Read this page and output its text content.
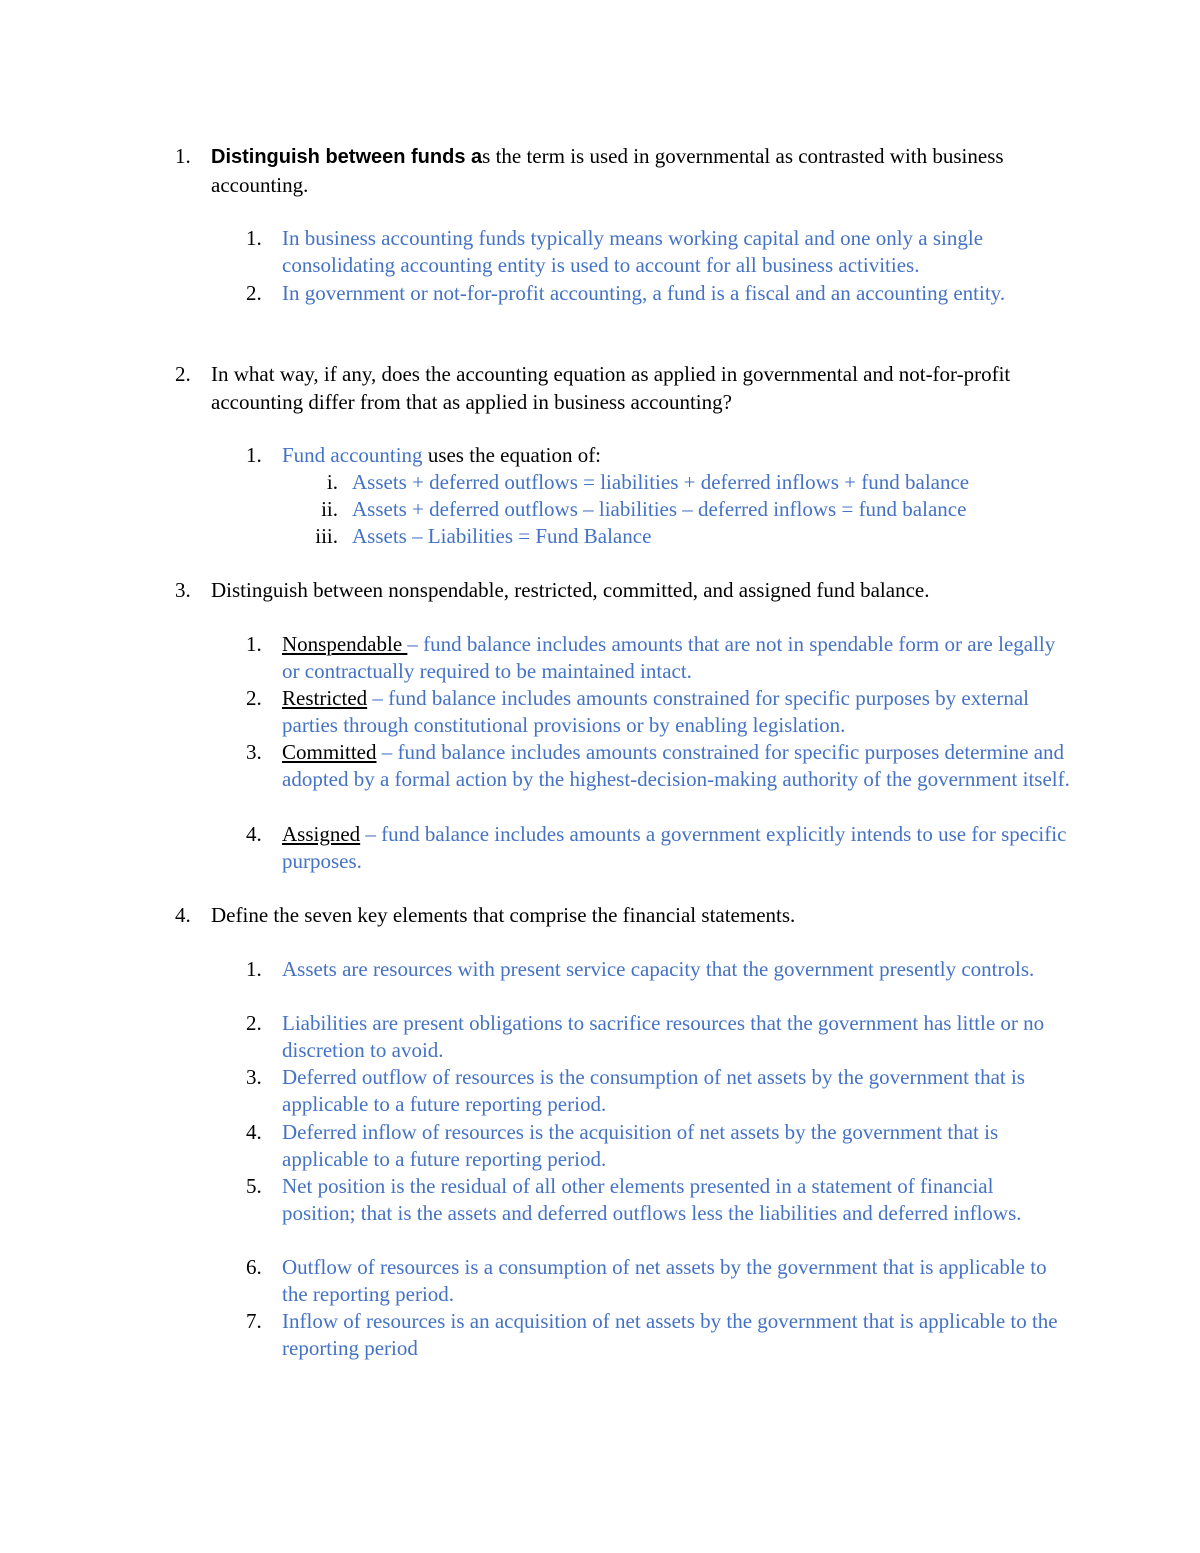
1. Distinguish between funds as the term is used in governmental as contrasted with business accounting.
1. In business accounting funds typically means working capital and one only a single consolidating accounting entity is used to account for all business activities.
2. In government or not-for-profit accounting, a fund is a fiscal and an accounting entity.
2. In what way, if any, does the accounting equation as applied in governmental and not-for-profit accounting differ from that as applied in business accounting?
1. Fund accounting uses the equation of:
i. Assets + deferred outflows = liabilities + deferred inflows + fund balance
ii. Assets + deferred outflows – liabilities – deferred inflows = fund balance
iii. Assets – Liabilities = Fund Balance
3. Distinguish between nonspendable, restricted, committed, and assigned fund balance.
1. Nonspendable – fund balance includes amounts that are not in spendable form or are legally or contractually required to be maintained intact.
2. Restricted – fund balance includes amounts constrained for specific purposes by external parties through constitutional provisions or by enabling legislation.
3. Committed – fund balance includes amounts constrained for specific purposes determine and adopted by a formal action by the highest-decision-making authority of the government itself.
4. Assigned – fund balance includes amounts a government explicitly intends to use for specific purposes.
4. Define the seven key elements that comprise the financial statements.
1. Assets are resources with present service capacity that the government presently controls.
2. Liabilities are present obligations to sacrifice resources that the government has little or no discretion to avoid.
3. Deferred outflow of resources is the consumption of net assets by the government that is applicable to a future reporting period.
4. Deferred inflow of resources is the acquisition of net assets by the government that is applicable to a future reporting period.
5. Net position is the residual of all other elements presented in a statement of financial position; that is the assets and deferred outflows less the liabilities and deferred inflows.
6. Outflow of resources is a consumption of net assets by the government that is applicable to the reporting period.
7. Inflow of resources is an acquisition of net assets by the government that is applicable to the reporting period
